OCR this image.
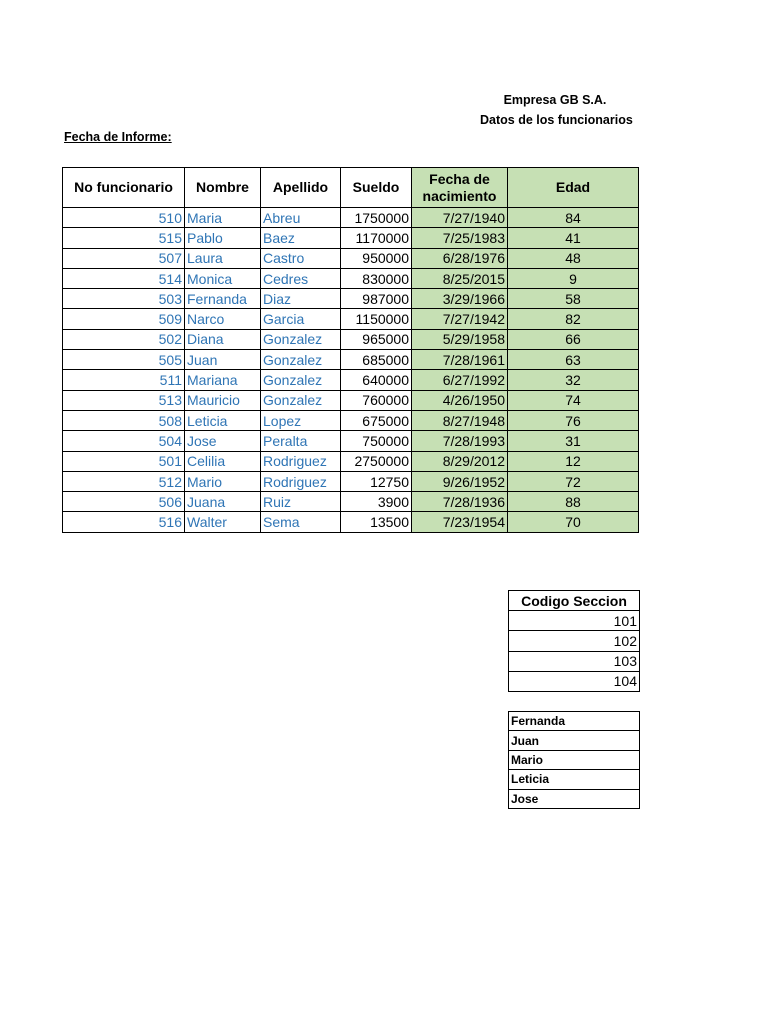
Empresa GB S.A.
Datos de los funcionarios
Fecha de Informe:
No funcionario	Nombre	Apellido	Sueldo	Fecha de nacimiento	Edad
510	Maria	Abreu	1750000	7/27/1940	84
515	Pablo	Baez	1170000	7/25/1983	41
507	Laura	Castro	950000	6/28/1976	48
514	Monica	Cedres	830000	8/25/2015	9
503	Fernanda	Diaz	987000	3/29/1966	58
509	Narco	Garcia	1150000	7/27/1942	82
502	Diana	Gonzalez	965000	5/29/1958	66
505	Juan	Gonzalez	685000	7/28/1961	63
511	Mariana	Gonzalez	640000	6/27/1992	32
513	Mauricio	Gonzalez	760000	4/26/1950	74
508	Leticia	Lopez	675000	8/27/1948	76
504	Jose	Peralta	750000	7/28/1993	31
501	Celilia	Rodriguez	2750000	8/29/2012	12
512	Mario	Rodriguez	12750	9/26/1952	72
506	Juana	Ruiz	3900	7/28/1936	88
516	Walter	Sema	13500	7/23/1954	70
Codigo Seccion
101
102
103
104
Fernanda
Juan
Mario
Leticia
Jose
